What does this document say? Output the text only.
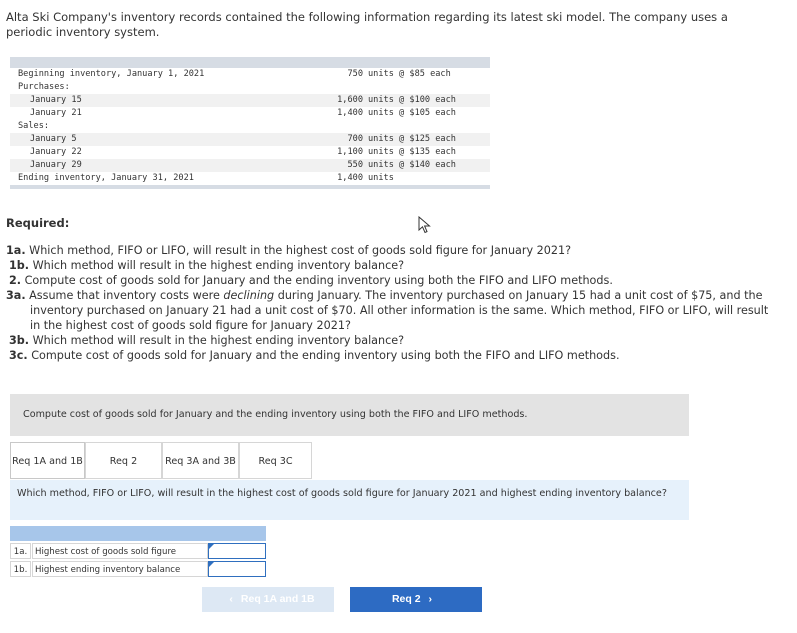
Alta Ski Company's inventory records contained the following information regarding its latest ski model. The company uses a periodic inventory system.
Beginning inventory, January 1, 2021	750 units @ $85 each
Purchases:
January 15	1,600 units @ $100 each
January 21	1,400 units @ $105 each
Sales:
January 5	700 units @ $125 each
January 22	1,100 units @ $135 each
January 29	550 units @ $140 each
Ending inventory, January 31, 2021	1,400 units
Required:
1a. Which method, FIFO or LIFO, will result in the highest cost of goods sold figure for January 2021?
1b. Which method will result in the highest ending inventory balance?
2. Compute cost of goods sold for January and the ending inventory using both the FIFO and LIFO methods.
3a. Assume that inventory costs were declining during January. The inventory purchased on January 15 had a unit cost of $75, and the
inventory purchased on January 21 had a unit cost of $70. All other information is the same. Which method, FIFO or LIFO, will result in the highest cost of goods sold figure for January 2021?
3b. Which method will result in the highest ending inventory balance?
3c. Compute cost of goods sold for January and the ending inventory using both the FIFO and LIFO methods.
Compute cost of goods sold for January and the ending inventory using both the FIFO and LIFO methods.
Req 1A and 1B	Req 2	Req 3A and 3B	Req 3C
Which method, FIFO or LIFO, will result in the highest cost of goods sold figure for January 2021 and highest ending inventory balance?
1a. Highest cost of goods sold figure
1b. Highest ending inventory balance
‹ Req 1A and 1B	Req 2 ›
